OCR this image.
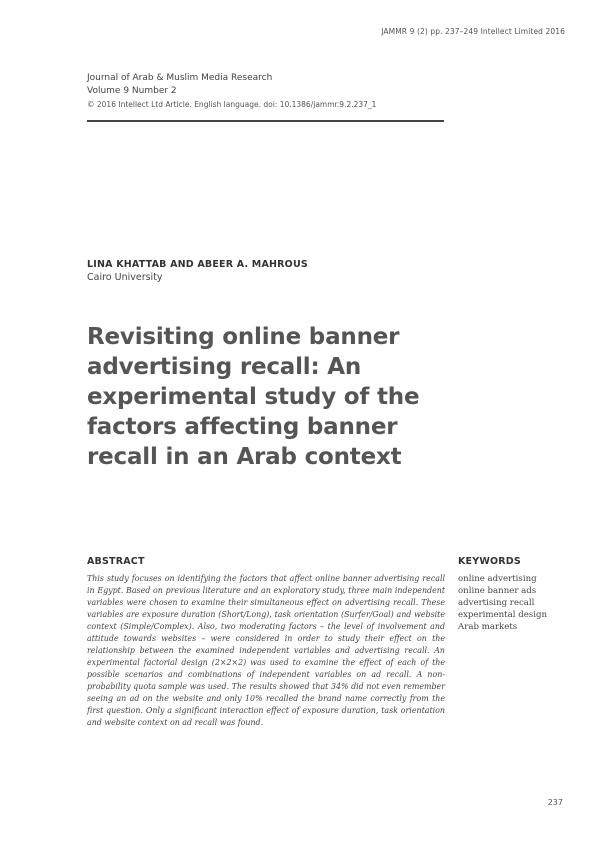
JAMMR 9 (2) pp. 237–249 Intellect Limited 2016
Journal of Arab & Muslim Media Research
Volume 9 Number 2
© 2016 Intellect Ltd Article. English language. doi: 10.1386/jammr.9.2.237_1
LINA KHATTAB AND ABEER A. MAHROUS
Cairo University
Revisiting online banner advertising recall: An experimental study of the factors affecting banner recall in an Arab context
ABSTRACT

This study focuses on identifying the factors that affect online banner advertising recall in Egypt. Based on previous literature and an exploratory study, three main independent variables were chosen to examine their simultaneous effect on advertising recall. These variables are exposure duration (Short/Long), task orientation (Surfer/Goal) and website context (Simple/Complex). Also, two moderating factors – the level of involvement and attitude towards websites – were considered in order to study their effect on the relationship between the examined independent variables and advertising recall. An experimental factorial design (2×2×2) was used to examine the effect of each of the possible scenarios and combinations of independent variables on ad recall. A non-probability quota sample was used. The results showed that 34% did not even remember seeing an ad on the website and only 10% recalled the brand name correctly from the first question. Only a significant interaction effect of exposure duration, task orientation and website context on ad recall was found.

KEYWORDS
online advertising
online banner ads
advertising recall
experimental design
Arab markets
237
